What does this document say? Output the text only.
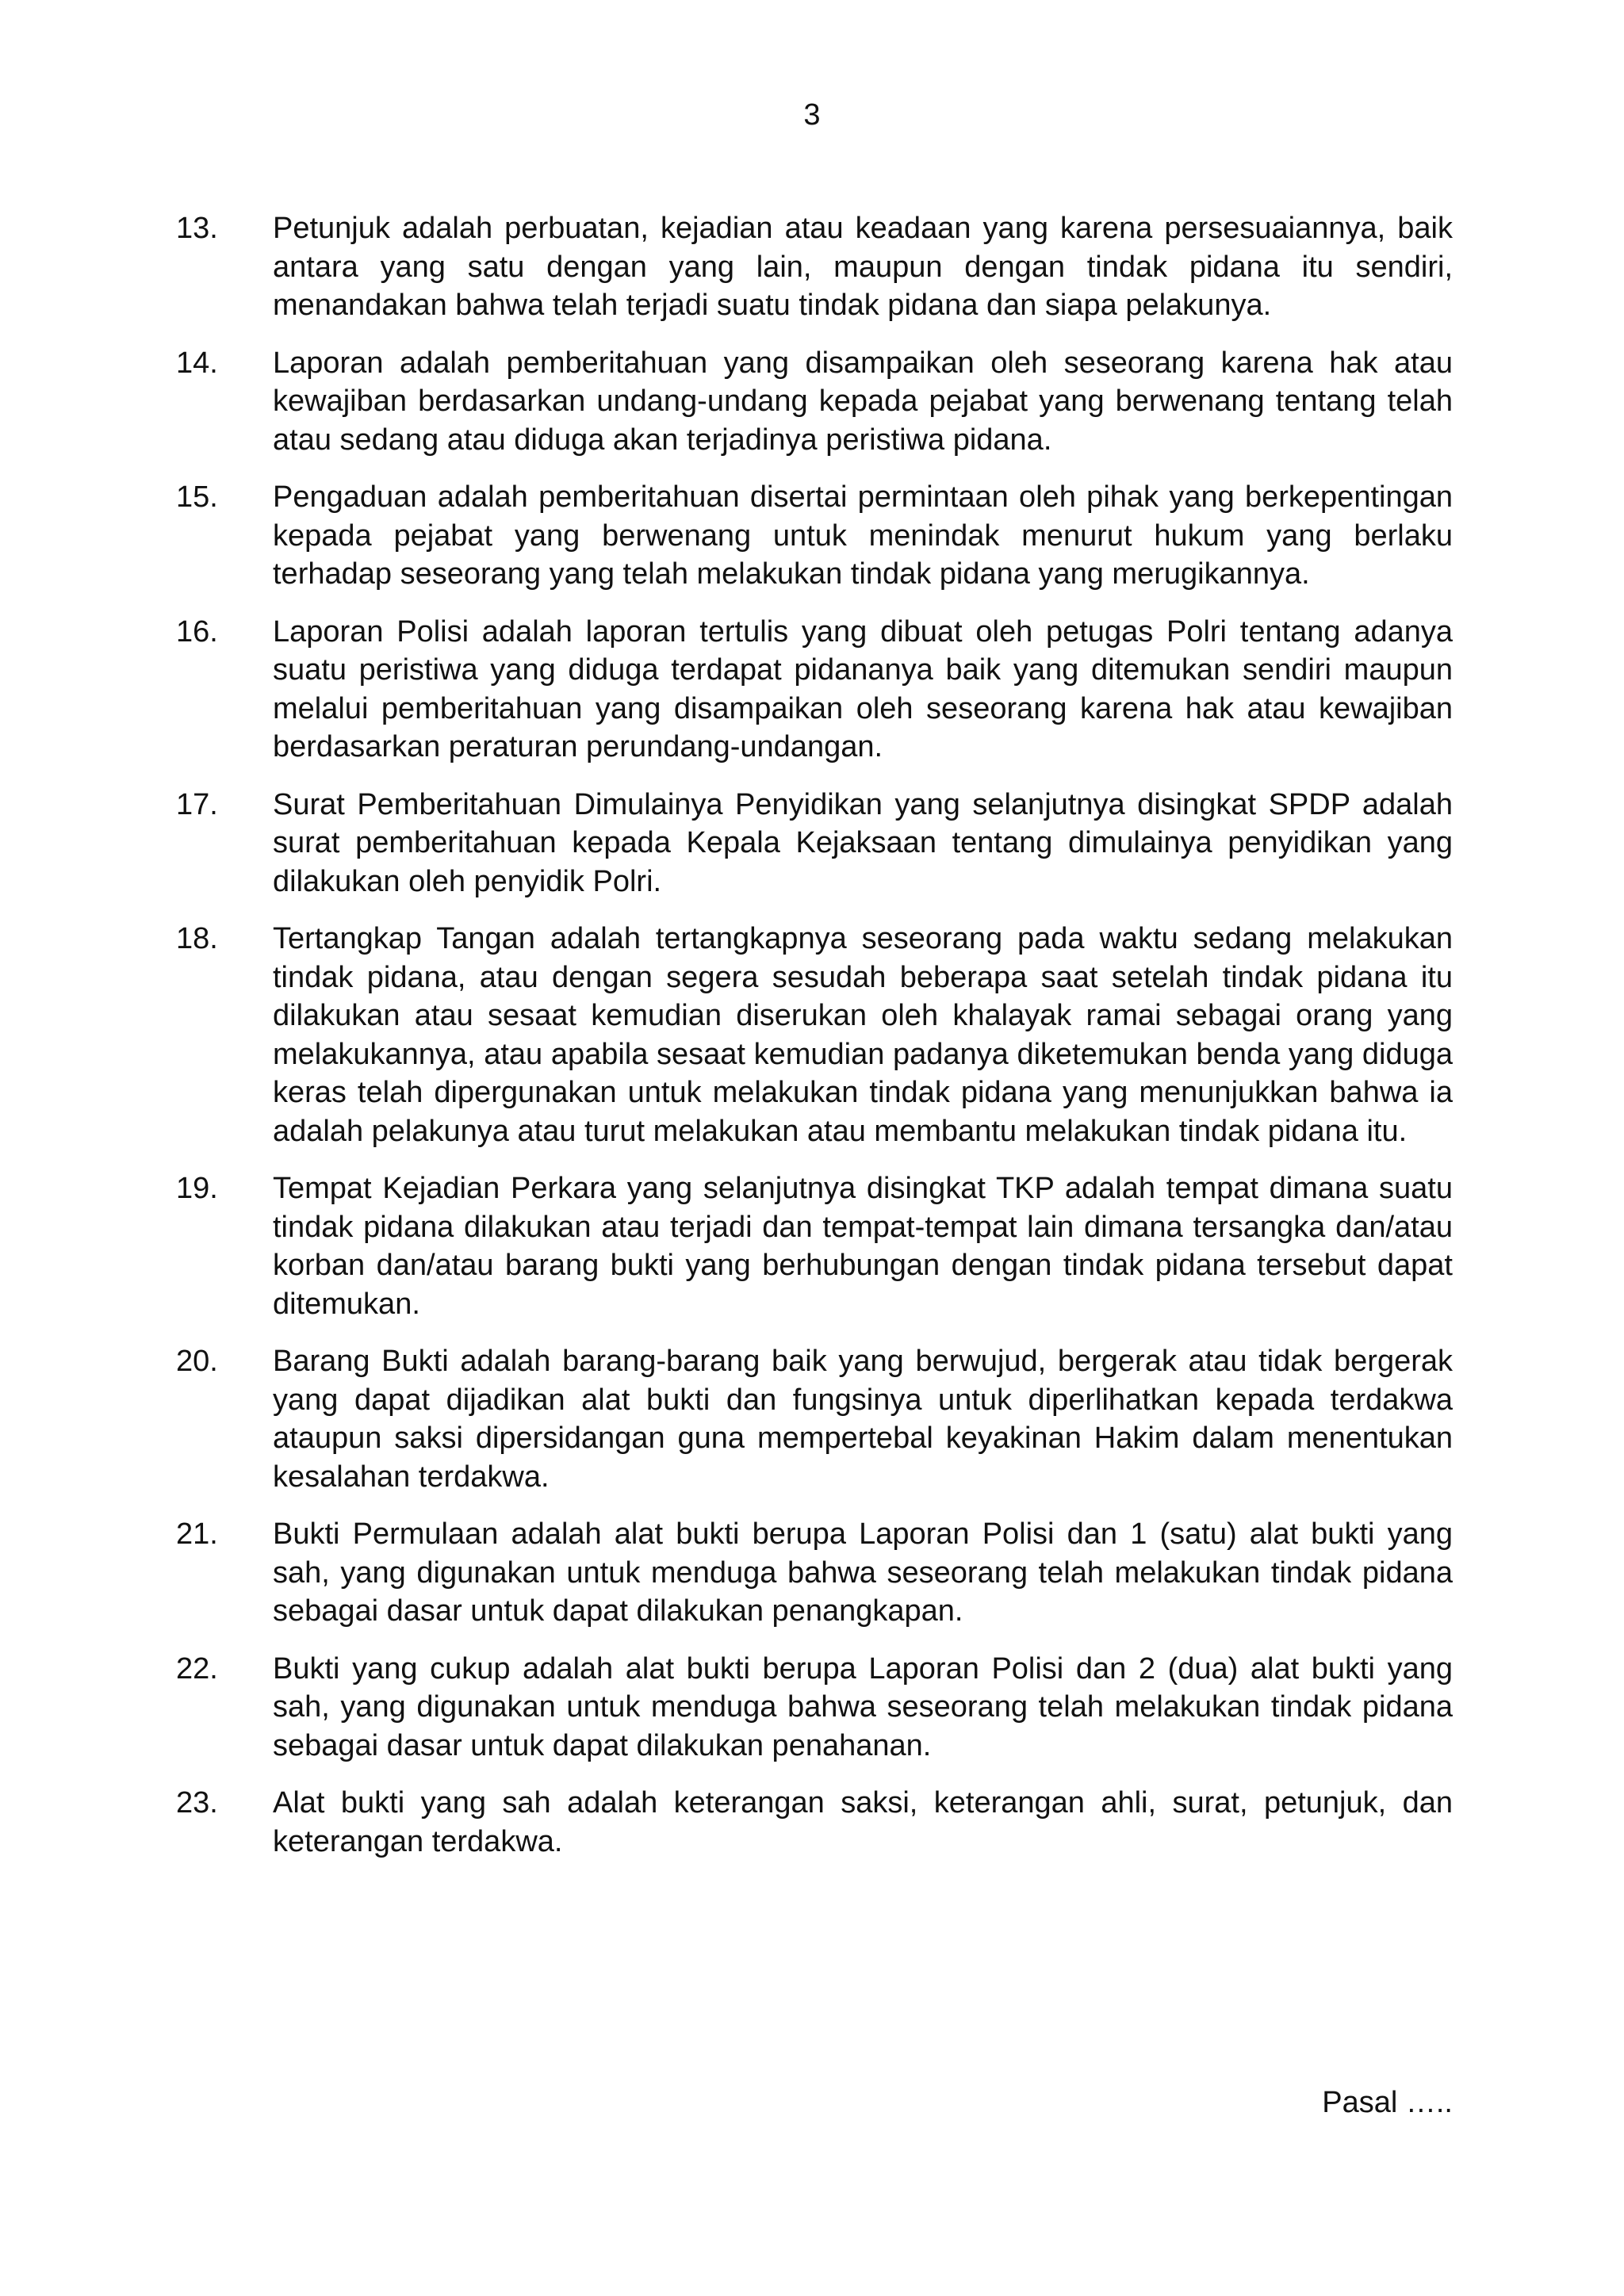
3
13. Petunjuk adalah perbuatan, kejadian atau keadaan yang karena persesuaiannya, baik antara yang satu dengan yang lain, maupun dengan tindak pidana itu sendiri, menandakan bahwa telah terjadi suatu tindak pidana dan siapa pelakunya.
14. Laporan adalah pemberitahuan yang disampaikan oleh seseorang karena hak atau kewajiban berdasarkan undang-undang kepada pejabat yang berwenang tentang telah atau sedang atau diduga akan terjadinya peristiwa pidana.
15. Pengaduan adalah pemberitahuan disertai permintaan oleh pihak yang berkepentingan kepada pejabat yang berwenang untuk menindak menurut hukum yang berlaku terhadap seseorang yang telah melakukan tindak pidana yang merugikannya.
16. Laporan Polisi adalah laporan tertulis yang dibuat oleh petugas Polri tentang adanya suatu peristiwa yang diduga terdapat pidananya baik yang ditemukan sendiri maupun melalui pemberitahuan yang disampaikan oleh seseorang karena hak atau kewajiban berdasarkan peraturan perundang-undangan.
17. Surat Pemberitahuan Dimulainya Penyidikan yang selanjutnya disingkat SPDP adalah surat pemberitahuan kepada Kepala Kejaksaan tentang dimulainya penyidikan yang dilakukan oleh penyidik Polri.
18. Tertangkap Tangan adalah tertangkapnya seseorang pada waktu sedang melakukan tindak pidana, atau dengan segera sesudah beberapa saat setelah tindak pidana itu dilakukan atau sesaat kemudian diserukan oleh khalayak ramai sebagai orang yang melakukannya, atau apabila sesaat kemudian padanya diketemukan benda yang diduga keras telah dipergunakan untuk melakukan tindak pidana yang menunjukkan bahwa ia adalah pelakunya atau turut melakukan atau membantu melakukan tindak pidana itu.
19. Tempat Kejadian Perkara yang selanjutnya disingkat TKP adalah tempat dimana suatu tindak pidana dilakukan atau terjadi dan tempat-tempat lain dimana tersangka dan/atau korban dan/atau barang bukti yang berhubungan dengan tindak pidana tersebut dapat ditemukan.
20. Barang Bukti adalah barang-barang baik yang berwujud, bergerak atau tidak bergerak yang dapat dijadikan alat bukti dan fungsinya untuk diperlihatkan kepada terdakwa ataupun saksi dipersidangan guna mempertebal keyakinan Hakim dalam menentukan kesalahan terdakwa.
21. Bukti Permulaan adalah alat bukti berupa Laporan Polisi dan 1 (satu) alat bukti yang sah, yang digunakan untuk menduga bahwa seseorang telah melakukan tindak pidana sebagai dasar untuk dapat dilakukan penangkapan.
22. Bukti yang cukup adalah alat bukti berupa Laporan Polisi dan 2 (dua) alat bukti yang sah, yang digunakan untuk menduga bahwa seseorang telah melakukan tindak pidana sebagai dasar untuk dapat dilakukan penahanan.
23. Alat bukti yang sah adalah keterangan saksi, keterangan ahli, surat, petunjuk, dan keterangan terdakwa.
Pasal …..
